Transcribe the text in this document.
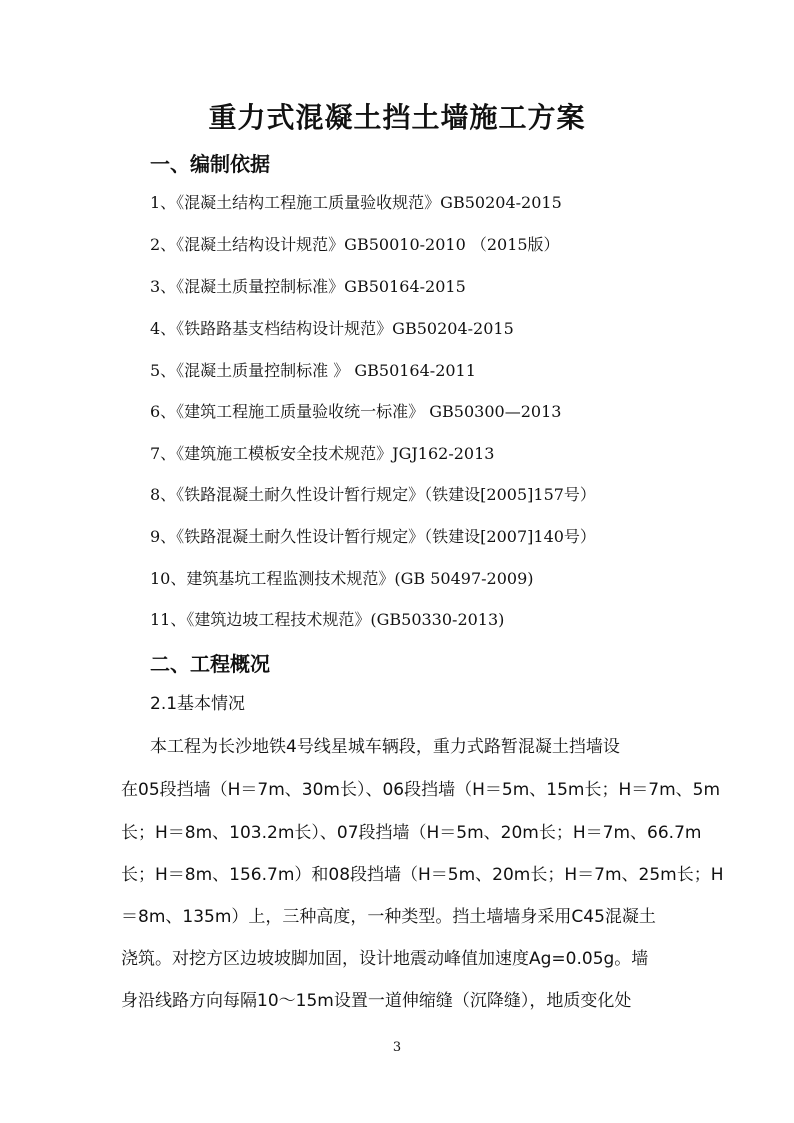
重力式混凝土挡土墙施工方案
一、编制依据
1、《混凝土结构工程施工质量验收规范》GB50204-2015
2、《混凝土结构设计规范》GB50010-2010 （2015版）
3、《混凝土质量控制标准》GB50164-2015
4、《铁路路基支档结构设计规范》GB50204-2015
5、《混凝土质量控制标准 》 GB50164-2011
6、《建筑工程施工质量验收统一标准》 GB50300—2013
7、《建筑施工模板安全技术规范》JGJ162-2013
8、《铁路混凝土耐久性设计暂行规定》（铁建设[2005]157号）
9、《铁路混凝土耐久性设计暂行规定》（铁建设[2007]140号）
10、建筑基坑工程监测技术规范》(GB 50497-2009)
11、《建筑边坡工程技术规范》(GB50330-2013)
二、工程概况
2.1基本情况
本工程为长沙地铁4号线星城车辆段，重力式路暂混凝土挡墙设
在05段挡墙（H＝7m、30m长）、06段挡墙（H＝5m、15m长；H＝7m、5m
长；H＝8m、103.2m长）、07段挡墙（H＝5m、20m长；H＝7m、66.7m
长；H＝8m、156.7m）和08段挡墙（H＝5m、20m长；H＝7m、25m长；H
＝8m、135m）上，三种高度，一种类型。挡土墙墙身采用C45混凝土
浇筑。对挖方区边坡坡脚加固，设计地震动峰值加速度Ag=0.05g。墙
身沿线路方向每隔10～15m设置一道伸缩缝（沉降缝），地质变化处
3
